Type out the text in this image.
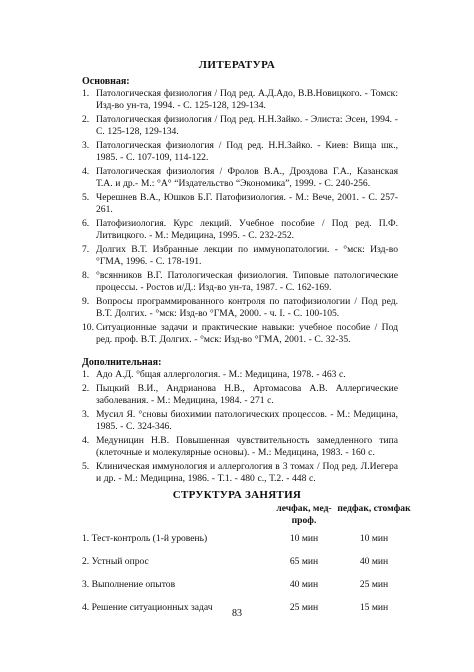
ЛИТЕРАТУРА
Основная:
1. Патологическая физиология / Под ред. А.Д.Адо, В.В.Новицкого. - Томск: Изд-во ун-та, 1994. - С. 125-128, 129-134.
2. Патологическая физиология / Под ред. Н.Н.Зайко. - Элиста: Эсен, 1994. - С. 125-128, 129-134.
3. Патологическая физиология / Под ред. Н.Н.Зайко. - Киев: Вища шк., 1985. - С. 107-109, 114-122.
4. Патологическая физиология / Фролов В.А., Дроздова Г.А., Казанская Т.А. и др.- М.: °А° “Издательство “Экономика”, 1999. - С. 240-256.
5. Черешнев В.А., Юшков Б.Г. Патофизиология. - М.: Вече, 2001. - С. 257-261.
6. Патофизиология. Курс лекций. Учебное пособие / Под ред. П.Ф. Литвицкого. - М.: Медицина, 1995. - С. 232-252.
7. Долгих В.Т. Избранные лекции по иммунопатологии. - °мск: Изд-во °ГМА, 1996. - С. 178-191.
8. °всянников В.Г. Патологическая физиология. Типовые патологические процессы. - Ростов и/Д.: Изд-во ун-та, 1987. - С. 162-169.
9. Вопросы программированного контроля по патофизиологии / Под ред. В.Т. Долгих. - °мск: Изд-во °ГМА, 2000. - ч. I. - С. 100-105.
10. Ситуационные задачи и практические навыки: учебное пособие / Под ред. проф. В.Т. Долгих. - °мск: Изд-во °ГМА, 2001. - С. 32-35.
Дополнительная:
1. Адо А.Д. °бщая аллергология. - М.: Медицина, 1978. - 463 с.
2. Пыцкий В.И., Андрианова Н.В., Артомасова А.В. Аллергические заболевания. - М.: Медицина, 1984. - 271 с.
3. Мусил Я. °сновы биохимии патологических процессов. - М.: Медицина, 1985. - С. 324-346.
4. Медуницин Н.В. Повышенная чувствительность замедленного типа (клеточные и молекулярные основы). - М.: Медицина, 1983. - 160 с.
5. Клиническая иммунология и аллергология в 3 томах / Под ред. Л.Иегера и др. - М.: Медицина, 1986. - Т.1. - 480 с., Т.2. - 448 с.
СТРУКТУРА ЗАНЯТИЯ
	лечфак, мед-проф.	педфак, стомфак
1. Тест-контроль (1-й уровень)	10 мин	10 мин
2. Устный опрос	65 мин	40 мин
3. Выполнение опытов	40 мин	25 мин
4. Решение ситуационных задач	25 мин	15 мин
83
